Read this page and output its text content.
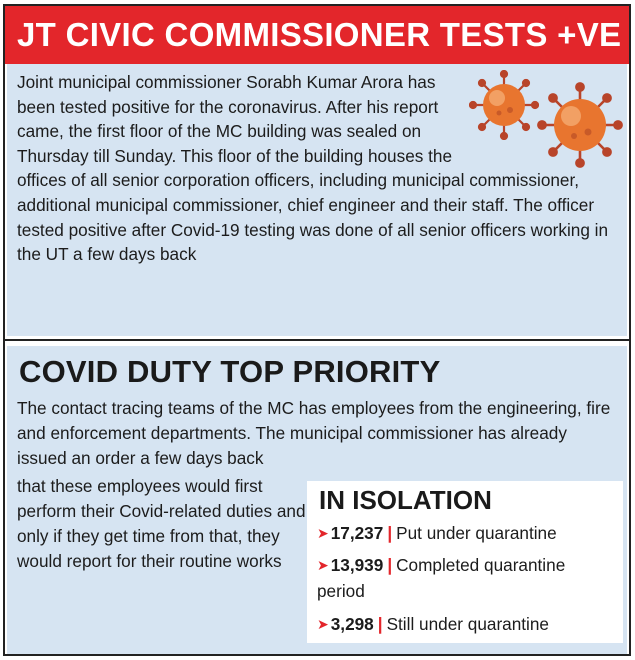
JT CIVIC COMMISSIONER TESTS +VE
Joint municipal commissioner Sorabh Kumar Arora has been tested positive for the coronavirus. After his report came, the first floor of the MC building was sealed on Thursday till Sunday. This floor of the building houses the offices of all senior corporation officers, including municipal commissioner, additional municipal commissioner, chief engineer and their staff. The officer tested positive after Covid-19 testing was done of all senior officers working in the UT a few days back
COVID DUTY TOP PRIORITY
The contact tracing teams of the MC has employees from the engineering, fire and enforcement departments. The municipal commissioner has already issued an order a few days back
that these employees would first perform their Covid-related duties and only if they get time from that, they would report for their routine works
IN ISOLATION
➤ 17,237 | Put under quarantine
➤ 13,939 | Completed quarantine period
➤ 3,298 | Still under quarantine
